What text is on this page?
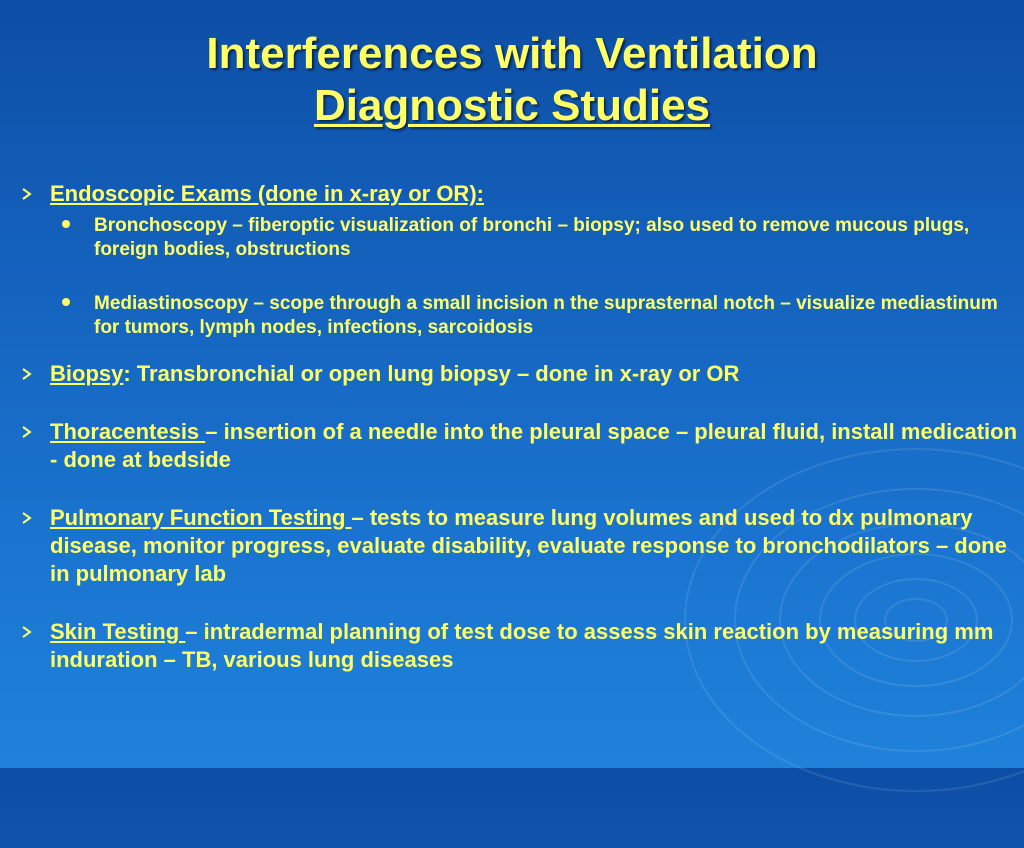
Interferences with Ventilation
Diagnostic Studies
Endoscopic Exams (done in x-ray or OR):
Bronchoscopy – fiberoptic visualization of bronchi – biopsy; also used to remove mucous plugs, foreign bodies, obstructions
Mediastinoscopy – scope through a small incision n the suprasternal notch – visualize mediastinum for tumors, lymph nodes, infections, sarcoidosis
Biopsy: Transbronchial or open lung biopsy – done in x-ray or OR
Thoracentesis – insertion of a needle into the pleural space – pleural fluid, install medication - done at bedside
Pulmonary Function Testing – tests to measure lung volumes and used to dx pulmonary disease, monitor progress, evaluate disability, evaluate response to bronchodilators – done in pulmonary lab
Skin Testing – intradermal planning of test dose to assess skin reaction by measuring mm induration – TB, various lung diseases
